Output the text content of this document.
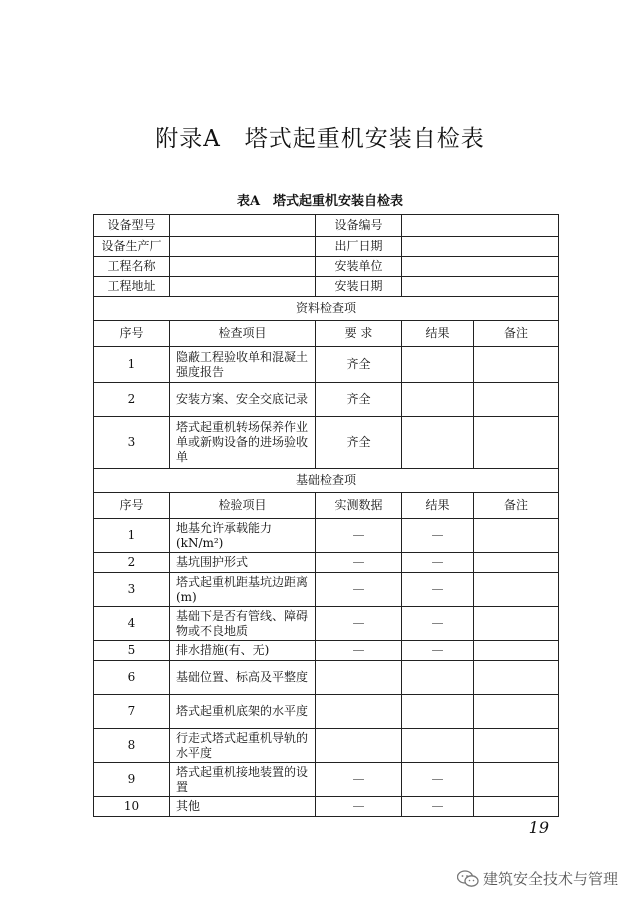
附录A　塔式起重机安装自检表
表A　塔式起重机安装自检表
设备型号		设备编号		
设备生产厂		出厂日期		
工程名称		安装单位		
工程地址		安装日期		
资料检查项				
序号	检查项目	要 求	结果	备注
1	隐蔽工程验收单和混凝土强度报告	齐全		
2	安装方案、安全交底记录	齐全		
3	塔式起重机转场保养作业单或新购设备的进场验收单	齐全		
基础检查项				
序号	检验项目	实测数据	结果	备注
1	地基允许承载能力(kN/m²)	—	—	
2	基坑围护形式	—	—	
3	塔式起重机距基坑边距离(m)	—	—	
4	基础下是否有管线、障碍物或不良地质	—	—	
5	排水措施(有、无)	—	—	
6	基础位置、标高及平整度			
7	塔式起重机底架的水平度			
8	行走式塔式起重机导轨的水平度			
9	塔式起重机接地装置的设置	—	—	
10	其他	—	—	
19
建筑安全技术与管理
